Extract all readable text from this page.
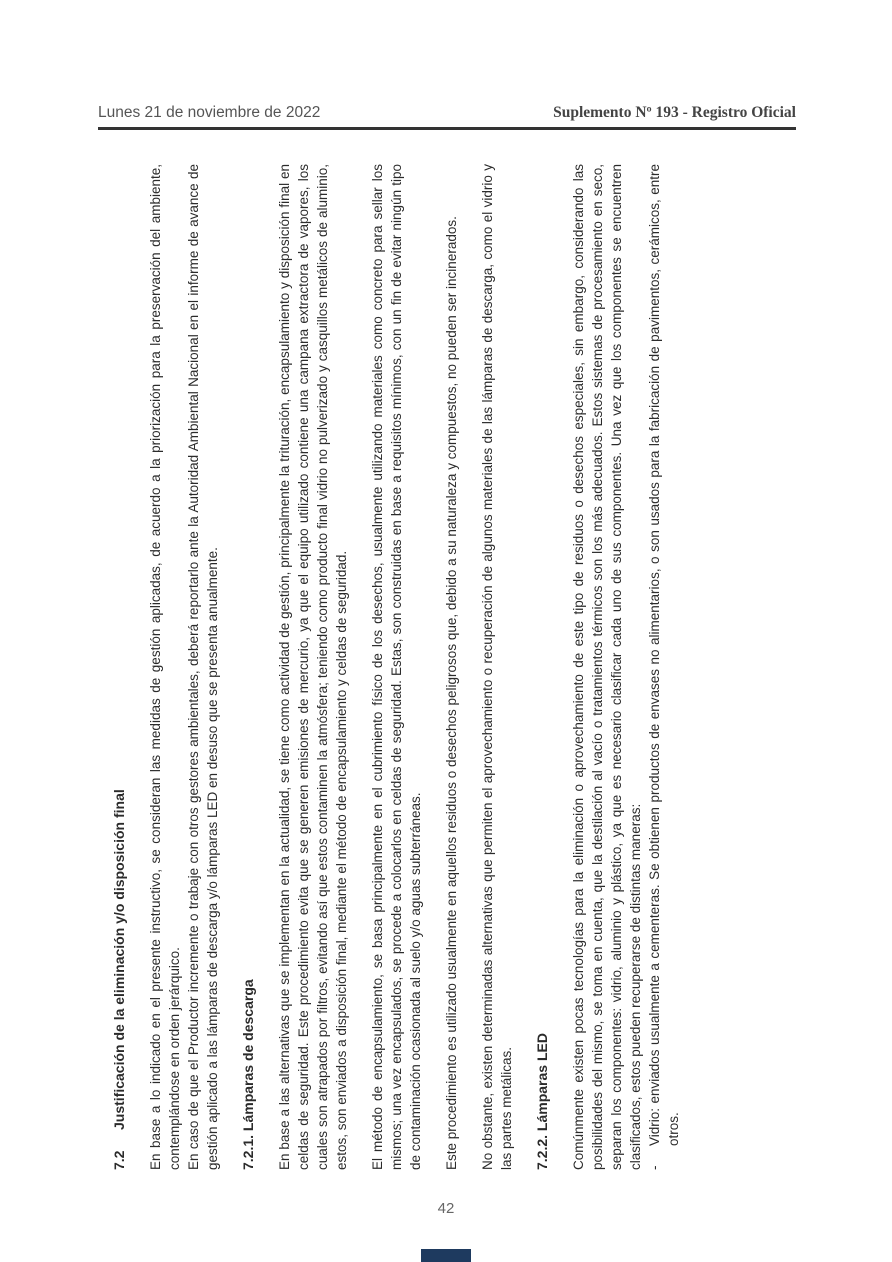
Lunes 21 de noviembre de 2022	Suplemento Nº 193 - Registro Oficial
7.2Justificación de la eliminación y/o disposición final En base a lo indicado en el presente instructivo, se consideran las medidas de gestión aplicadas, de acuerdo a la priorización para la preservación del ambiente, contemplándose en orden jerárquico. En caso de que el Productor incremente o trabaje con otros gestores ambientales, deberá reportarlo ante la Autoridad Ambiental Nacional en el informe de avance de gestión aplicado a las lámparas de descarga y/o lámparas LED en desuso que se presenta anualmente. 7.2.1. Lámparas de descarga En base a las alternativas que se implementan en la actualidad, se tiene como actividad de gestión, principalmente la trituración, encapsulamiento y disposición final en celdas de seguridad. Este procedimiento evita que se generen emisiones de mercurio, ya que el equipo utilizado contiene una campana extractora de vapores, los cuales son atrapados por filtros, evitando así que estos contaminen la atmósfera; teniendo como producto final vidrio no pulverizado y casquillos metálicos de aluminio, estos, son enviados a disposición final, mediante el método de encapsulamiento y celdas de seguridad. El método de encapsulamiento, se basa principalmente en el cubrimiento físico de los desechos, usualmente utilizando materiales como concreto para sellar los mismos; una vez encapsulados, se procede a colocarlos en celdas de seguridad. Estas, son construidas en base a requisitos mínimos, con un fin de evitar ningún tipo de contaminación ocasionada al suelo y/o aguas subterráneas. Este procedimiento es utilizado usualmente en aquellos residuos o desechos peligrosos que, debido a su naturaleza y compuestos, no pueden ser incinerados. No obstante, existen determinadas alternativas que permiten el aprovechamiento o recuperación de algunos materiales de las lámparas de descarga, como el vidrio y las partes metálicas. 7.2.2. Lámparas LED Comúnmente existen pocas tecnologías para la eliminación o aprovechamiento de este tipo de residuos o desechos especiales, sin embargo, considerando las posibilidades del mismo, se toma en cuenta, que la destilación al vacío o tratamientos térmicos son los más adecuados. Estos sistemas de procesamiento en seco, separan los componentes: vidrio, aluminio y plástico, ya que es necesario clasificar cada uno de sus componentes. Una vez que los componentes se encuentren clasificados, estos pueden recuperarse de distintas maneras: -
Vidrio: enviados usualmente a cementeras. Se obtienen productos de envases no alimentarios, o son usados para la fabricación de pavimentos, cerámicos, entre otros.
42
